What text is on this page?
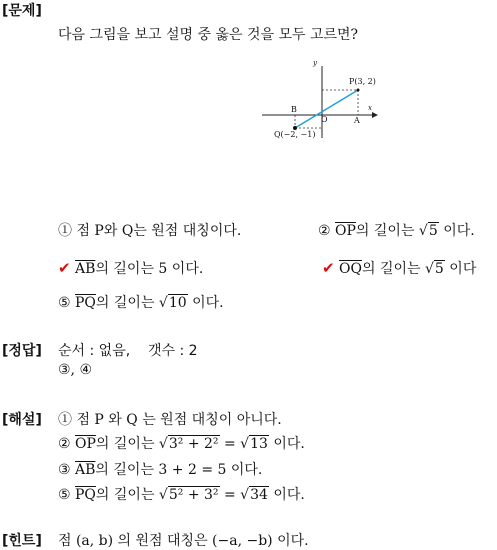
[문제]
다음 그림을 보고 설명 중 옳은 것을 모두 고르면?
y
x
P(3, 2)
B
O	A
Q(−2, −1)
① 점 P와 Q는 원점 대칭이다.	② $\overline{OP}$의 길이는 √5 이다.
✔ $\overline{AB}$의 길이는 5 이다.	✔ $\overline{OQ}$의 길이는 √5 이다
⑤ $\overline{PQ}$의 길이는 √10 이다.
[정답] 순서 : 없음,    갯수 : 2
③, ④
[해설] ① 점 P 와 Q 는 원점 대칭이 아니다.
② $\overline{OP}$의 길이는 √3² + 2² = √13 이다.
③ $\overline{AB}$의 길이는 3 + 2 = 5 이다.
⑤ $\overline{PQ}$의 길이는 √5² + 3² = √34 이다.
[힌트] 점 (a, b) 의 원점 대칭은 (−a, −b) 이다.
